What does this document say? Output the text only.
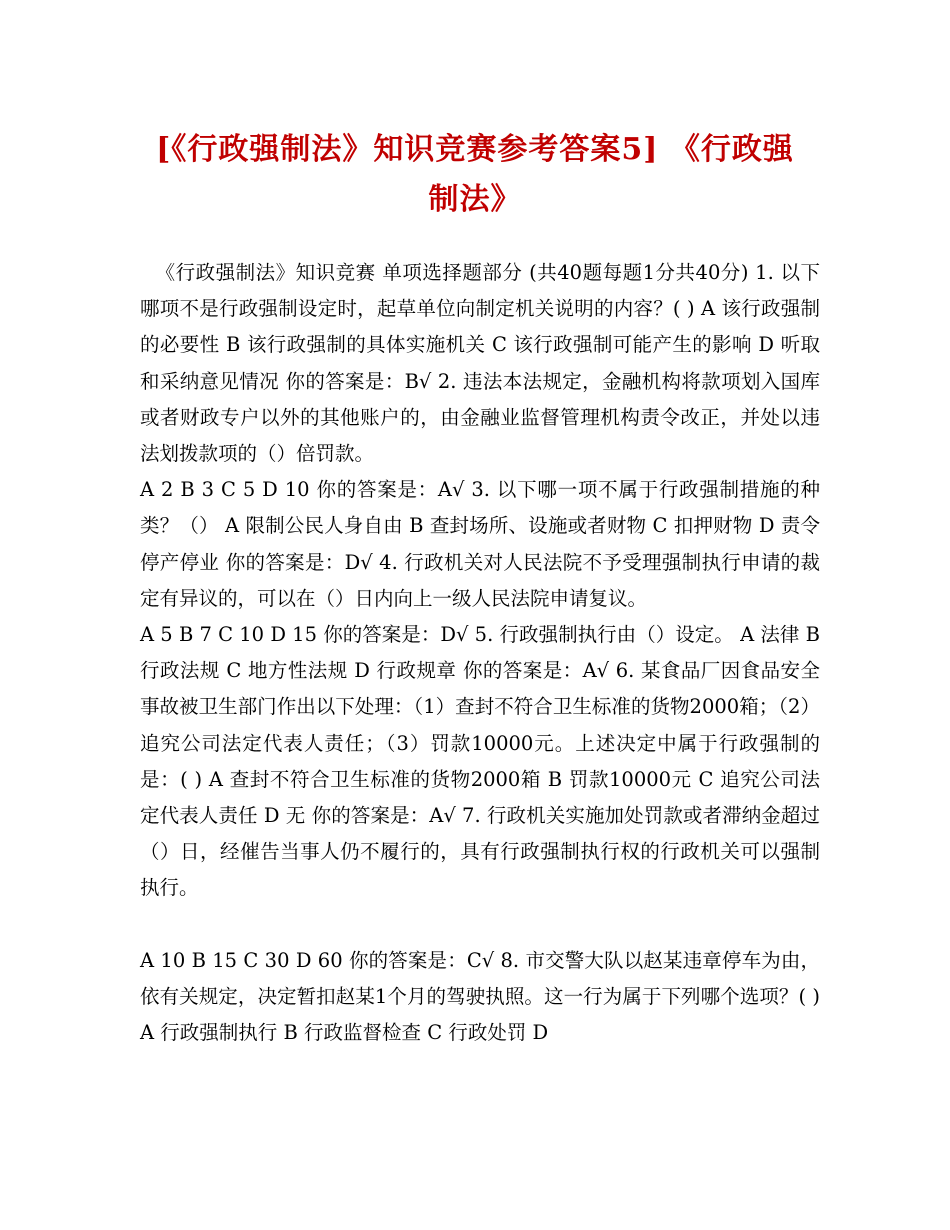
[《行政强制法》知识竞赛参考答案5] 《行政强制法》

《行政强制法》知识竞赛 单项选择题部分 (共40题每题1分共40分) 1. 以下哪项不是行政强制设定时，起草单位向制定机关说明的内容？( ) A 该行政强制的必要性 B 该行政强制的具体实施机关 C 该行政强制可能产生的影响 D 听取和采纳意见情况 你的答案是：B√ 2. 违法本法规定，金融机构将款项划入国库或者财政专户以外的其他账户的，由金融业监督管理机构责令改正，并处以违法划拨款项的（）倍罚款。

A 2 B 3 C 5 D 10 你的答案是：A√ 3. 以下哪一项不属于行政强制措施的种类？（） A 限制公民人身自由 B 查封场所、设施或者财物 C 扣押财物 D 责令停产停业 你的答案是：D√ 4. 行政机关对人民法院不予受理强制执行申请的裁定有异议的，可以在（）日内向上一级人民法院申请复议。

A 5 B 7 C 10 D 15 你的答案是：D√ 5. 行政强制执行由（）设定。 A 法律 B 行政法规 C 地方性法规 D 行政规章 你的答案是：A√ 6. 某食品厂因食品安全事故被卫生部门作出以下处理：（1）查封不符合卫生标准的货物2000箱；（2）追究公司法定代表人责任；（3）罚款10000元。上述决定中属于行政强制的是：( ) A 查封不符合卫生标准的货物2000箱 B 罚款10000元 C 追究公司法定代表人责任 D 无 你的答案是：A√ 7. 行政机关实施加处罚款或者滞纳金超过（）日，经催告当事人仍不履行的，具有行政强制执行权的行政机关可以强制执行。

A 10 B 15 C 30 D 60 你的答案是：C√ 8. 市交警大队以赵某违章停车为由，依有关规定，决定暂扣赵某1个月的驾驶执照。这一行为属于下列哪个选项？( ) A 行政强制执行 B 行政监督检查 C 行政处罚 D
